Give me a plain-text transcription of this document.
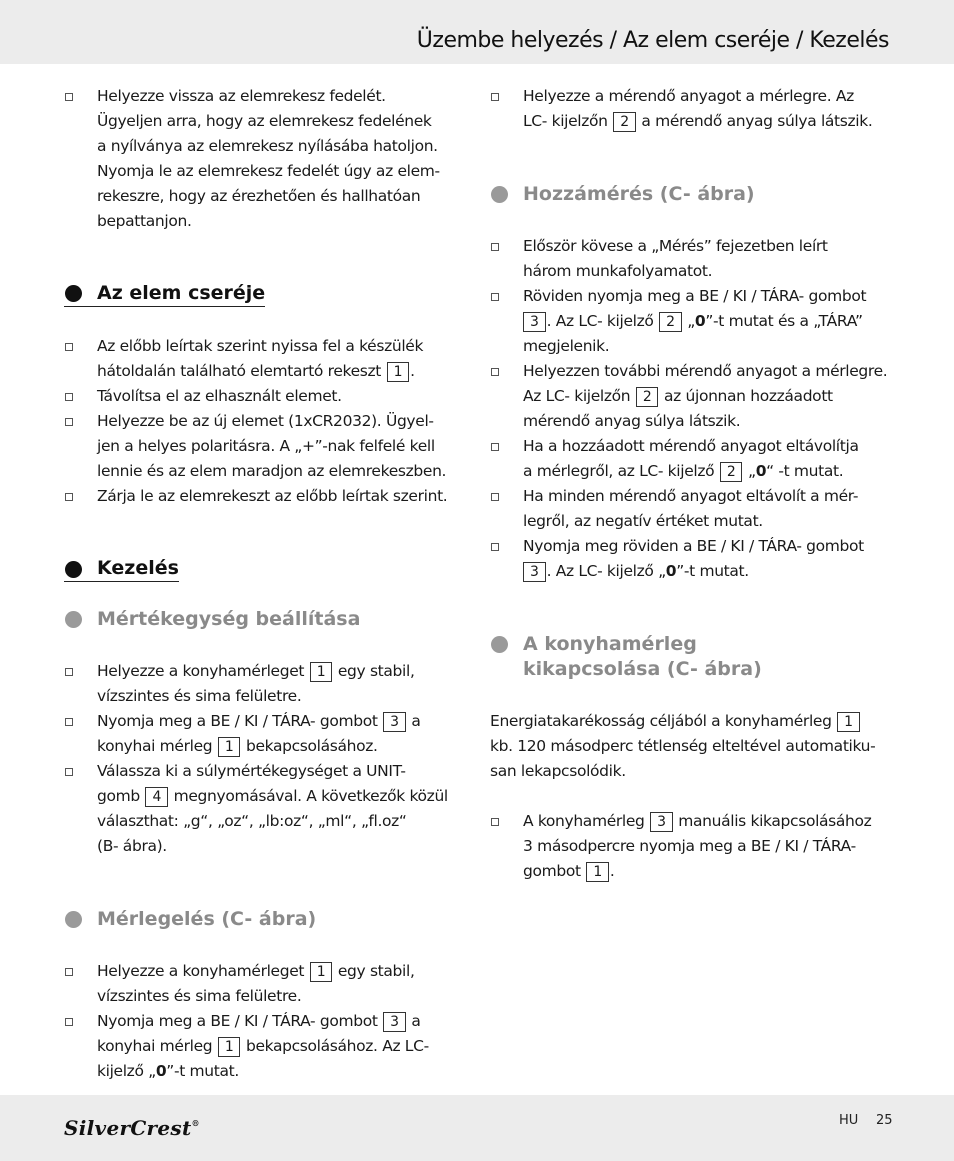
Üzembe helyezés / Az elem cseréje / Kezelés
Helyezze vissza az elemrekesz fedelét.
Ügyeljen arra, hogy az elemrekesz fedelének
a nyílványa az elemrekesz nyílásába hatoljon.
Nyomja le az elemrekesz fedelét úgy az elem-
rekeszre, hogy az érezhetően és hallhatóan
bepattanjon.
Az elem cseréje
Az előbb leírtak szerint nyissa fel a készülék
hátoldalán található elemtartó rekeszt 1 .
Távolítsa el az elhasznált elemet.
Helyezze be az új elemet (1xCR2032). Ügyel-
jen a helyes polaritásra. A „+”-nak felfelé kell
lennie és az elem maradjon az elemrekeszben.
Zárja le az elemrekeszt az előbb leírtak szerint.
Kezelés
Mértékegység beállítása
Helyezze a konyhamérleget 1 egy stabil,
vízszintes és sima felületre.
Nyomja meg a BE / KI / TÁRA- gombot 3 a
konyhai mérleg 1 bekapcsolásához.
Válassza ki a súlymértékegységet a UNIT-
gomb 4 megnyomásával. A következők közül
választhat: „g“, „oz“, „lb:oz“, „ml“, „fl.oz“
(B- ábra).
Mérlegelés (C- ábra)
Helyezze a konyhamérleget 1 egy stabil,
vízszintes és sima felületre.
Nyomja meg a BE / KI / TÁRA- gombot 3 a
konyhai mérleg 1 bekapcsolásához. Az LC-
kijelző „0”-t mutat.
Helyezze a mérendő anyagot a mérlegre. Az
LC- kijelzőn 2 a mérendő anyag súlya látszik.
Hozzámérés (C- ábra)
Először kövese a „Mérés” fejezetben leírt
három munkafolyamatot.
Röviden nyomja meg a BE / KI / TÁRA- gombot
3 . Az LC- kijelző 2 „0”-t mutat és a „TÁRA”
megjelenik.
Helyezzen további mérendő anyagot a mérlegre.
Az LC- kijelzőn 2 az újonnan hozzáadott
mérendő anyag súlya látszik.
Ha a hozzáadott mérendő anyagot eltávolítja
a mérlegről, az LC- kijelző 2 „0“ -t mutat.
Ha minden mérendő anyagot eltávolít a mér-
legről, az negatív értéket mutat.
Nyomja meg röviden a BE / KI / TÁRA- gombot
3 . Az LC- kijelző „0”-t mutat.
A konyhamérleg
kikapcsolása (C- ábra)
Energiatakarékosság céljából a konyhamérleg 1
kb. 120 másodperc tétlenség elteltével automatiku-
san lekapcsolódik.
A konyhamérleg 3 manuális kikapcsolásához
3 másodpercre nyomja meg a BE / KI / TÁRA-
gombot 1 .
SilverCrest®	HU 25
